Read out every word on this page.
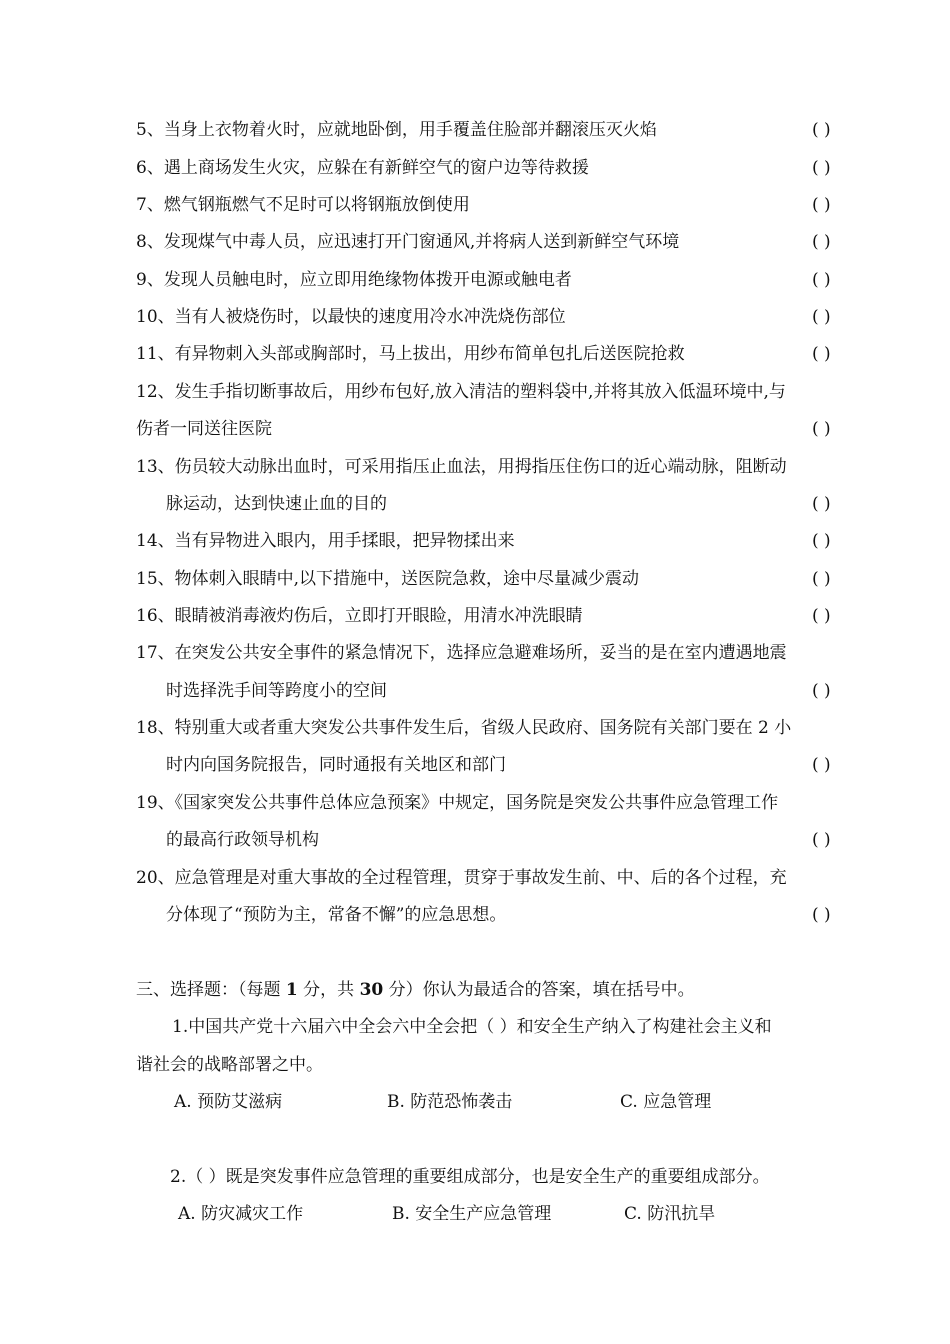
5、当身上衣物着火时，应就地卧倒，用手覆盖住脸部并翻滚压灭火焰	( )
6、遇上商场发生火灾，应躲在有新鲜空气的窗户边等待救援	( )
7、燃气钢瓶燃气不足时可以将钢瓶放倒使用	( )
8、发现煤气中毒人员，应迅速打开门窗通风,并将病人送到新鲜空气环境	( )
9、发现人员触电时，应立即用绝缘物体拨开电源或触电者	( )
10、当有人被烧伤时，以最快的速度用冷水冲洗烧伤部位	( )
11、有异物刺入头部或胸部时，马上拔出，用纱布简单包扎后送医院抢救	( )
12、发生手指切断事故后，用纱布包好,放入清洁的塑料袋中,并将其放入低温环境中,与
伤者一同送往医院	( )
13、伤员较大动脉出血时，可采用指压止血法，用拇指压住伤口的近心端动脉，阻断动
脉运动，达到快速止血的目的	( )
14、当有异物进入眼内，用手揉眼，把异物揉出来	( )
15、物体刺入眼睛中,以下措施中，送医院急救，途中尽量减少震动	( )
16、眼睛被消毒液灼伤后，立即打开眼睑，用清水冲洗眼睛	( )
17、在突发公共安全事件的紧急情况下，选择应急避难场所，妥当的是在室内遭遇地震
时选择洗手间等跨度小的空间	( )
18、特别重大或者重大突发公共事件发生后，省级人民政府、国务院有关部门要在 2 小
时内向国务院报告，同时通报有关地区和部门	( )
19、《国家突发公共事件总体应急预案》中规定，国务院是突发公共事件应急管理工作
的最高行政领导机构	( )
20、应急管理是对重大事故的全过程管理，贯穿于事故发生前、中、后的各个过程，充
分体现了“预防为主，常备不懈”的应急思想。	( )
三、选择题：（每题 1 分，共 30 分）你认为最适合的答案，填在括号中。
1.中国共产党十六届六中全会六中全会把（ ）和安全生产纳入了构建社会主义和
谐社会的战略部署之中。
A. 预防艾滋病	B. 防范恐怖袭击	C. 应急管理
2.（ ）既是突发事件应急管理的重要组成部分，也是安全生产的重要组成部分。
A. 防灾减灾工作	B. 安全生产应急管理	C. 防汛抗旱
